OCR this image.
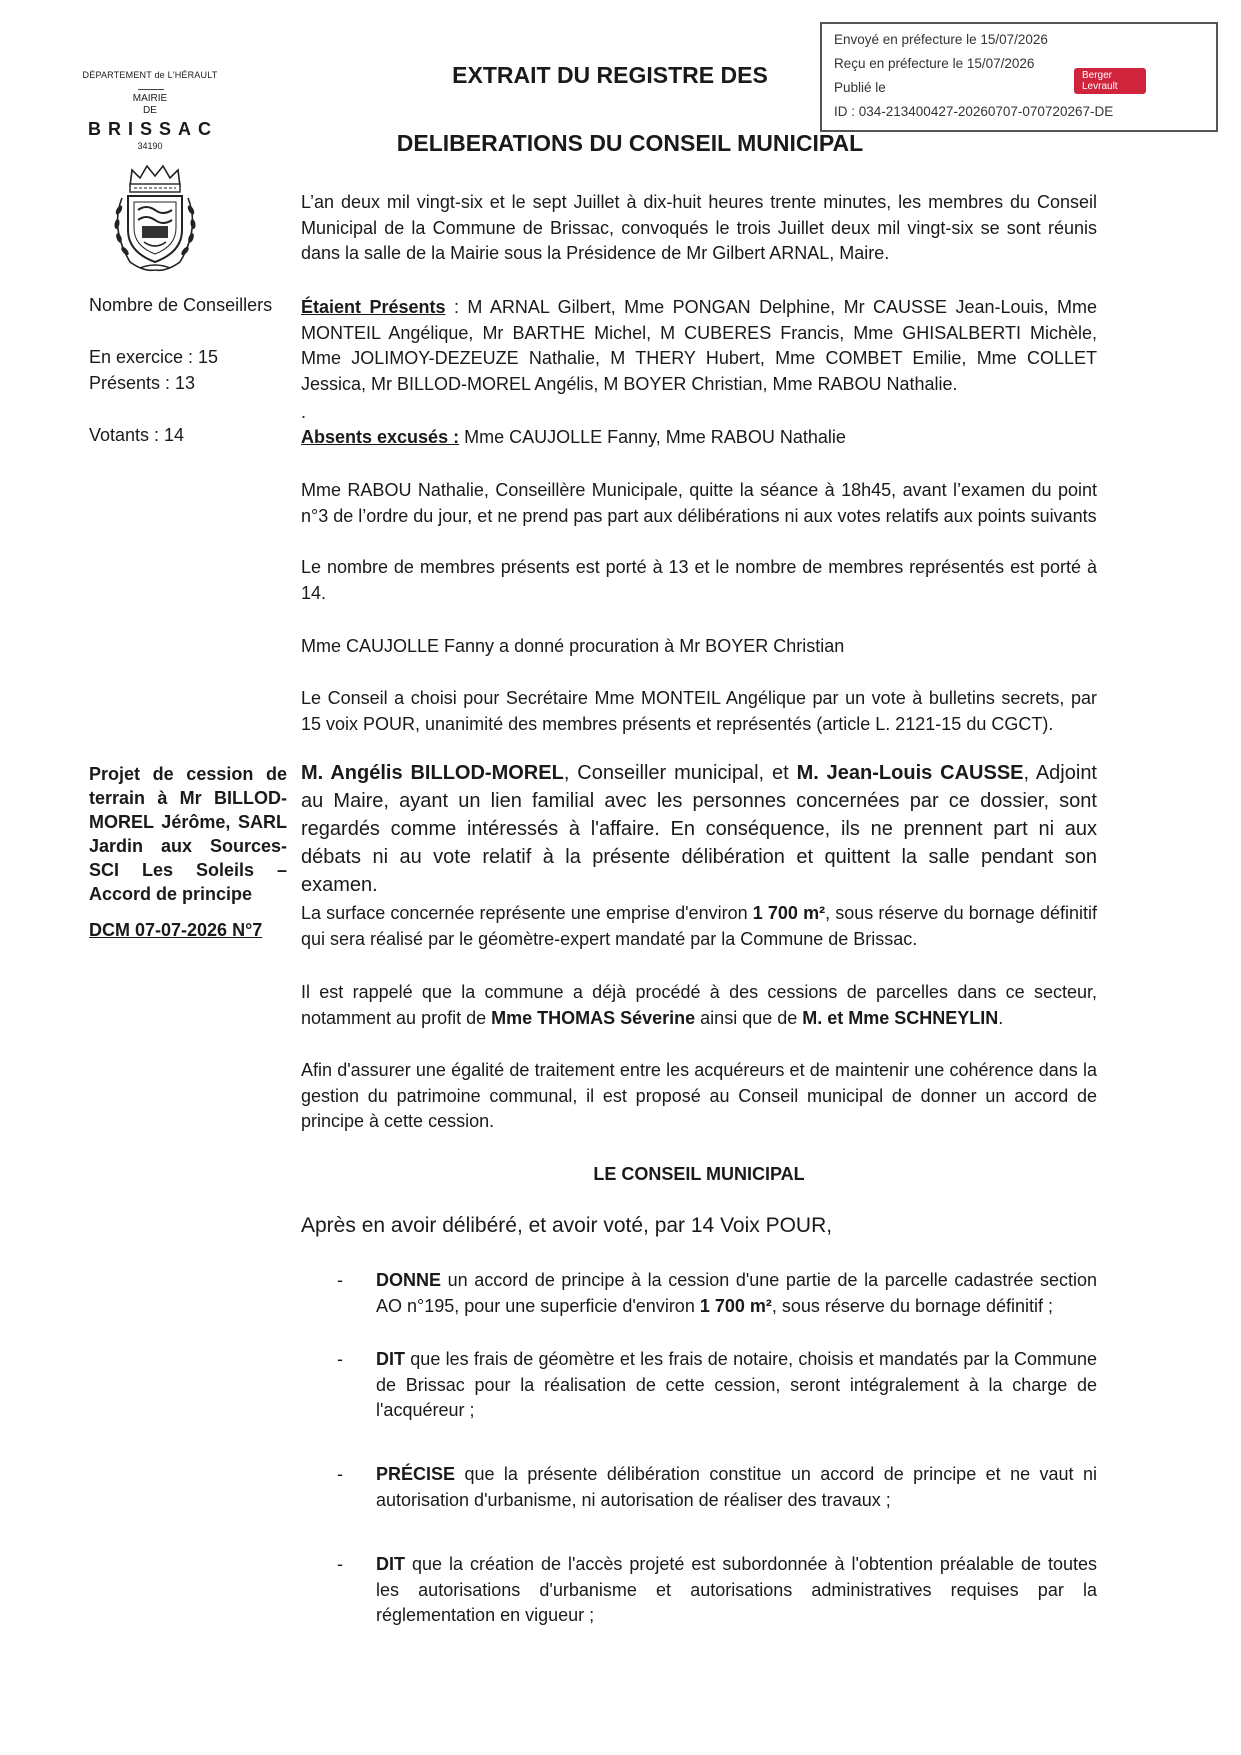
Envoyé en préfecture le 15/07/2026
Reçu en préfecture le 15/07/2026
Publié le
ID : 034-213400427-20260707-070720267-DE
Berger
Levrault
DÉPARTEMENT de L'HÉRAULT
MAIRIE
DE
BRISSAC
34190
EXTRAIT DU REGISTRE DES
DELIBERATIONS DU CONSEIL MUNICIPAL
L’an deux mil vingt-six et le sept Juillet à dix-huit heures trente minutes, les membres du Conseil Municipal de la Commune de Brissac, convoqués le trois Juillet deux mil vingt-six se sont réunis dans la salle de la Mairie sous la Présidence de Mr Gilbert ARNAL, Maire.
Nombre de Conseillers
En exercice : 15
Présents : 13
Votants : 14
Étaient Présents : M ARNAL Gilbert, Mme PONGAN Delphine, Mr CAUSSE Jean-Louis, Mme MONTEIL Angélique, Mr BARTHE Michel, M CUBERES Francis, Mme GHISALBERTI Michèle, Mme JOLIMOY-DEZEUZE Nathalie, M THERY Hubert, Mme COMBET Emilie, Mme COLLET Jessica, Mr BILLOD-MOREL Angélis, M BOYER Christian, Mme RABOU Nathalie.
.
Absents excusés : Mme CAUJOLLE Fanny, Mme RABOU Nathalie
Mme RABOU Nathalie, Conseillère Municipale, quitte la séance à 18h45, avant l’examen du point n°3 de l’ordre du jour, et ne prend pas part aux délibérations ni aux votes relatifs aux points suivants
Le nombre de membres présents est porté à 13 et le nombre de membres représentés est porté à 14.
Mme CAUJOLLE Fanny a donné procuration à Mr BOYER Christian
Le Conseil a choisi pour Secrétaire Mme MONTEIL Angélique par un vote à bulletins secrets, par 15 voix POUR, unanimité des membres présents et représentés (article L. 2121-15 du CGCT).
Projet de cession de terrain à Mr BILLOD-MOREL Jérôme, SARL Jardin aux Sources-SCI Les Soleils – Accord de principe
DCM 07-07-2026 N°7
M. Angélis BILLOD-MOREL, Conseiller municipal, et M. Jean-Louis CAUSSE, Adjoint au Maire, ayant un lien familial avec les personnes concernées par ce dossier, sont regardés comme intéressés à l'affaire. En conséquence, ils ne prennent part ni aux débats ni au vote relatif à la présente délibération et quittent la salle pendant son examen.
La surface concernée représente une emprise d'environ 1 700 m², sous réserve du bornage définitif qui sera réalisé par le géomètre-expert mandaté par la Commune de Brissac.
Il est rappelé que la commune a déjà procédé à des cessions de parcelles dans ce secteur, notamment au profit de Mme THOMAS Séverine ainsi que de M. et Mme SCHNEYLIN.
Afin d'assurer une égalité de traitement entre les acquéreurs et de maintenir une cohérence dans la gestion du patrimoine communal, il est proposé au Conseil municipal de donner un accord de principe à cette cession.
LE CONSEIL MUNICIPAL
Après en avoir délibéré, et avoir voté, par 14 Voix POUR,
- DONNE un accord de principe à la cession d'une partie de la parcelle cadastrée section AO n°195, pour une superficie d'environ 1 700 m², sous réserve du bornage définitif ;
- DIT que les frais de géomètre et les frais de notaire, choisis et mandatés par la Commune de Brissac pour la réalisation de cette cession, seront intégralement à la charge de l'acquéreur ;
- PRÉCISE que la présente délibération constitue un accord de principe et ne vaut ni autorisation d'urbanisme, ni autorisation de réaliser des travaux ;
- DIT que la création de l'accès projeté est subordonnée à l'obtention préalable de toutes les autorisations d'urbanisme et autorisations administratives requises par la réglementation en vigueur ;
